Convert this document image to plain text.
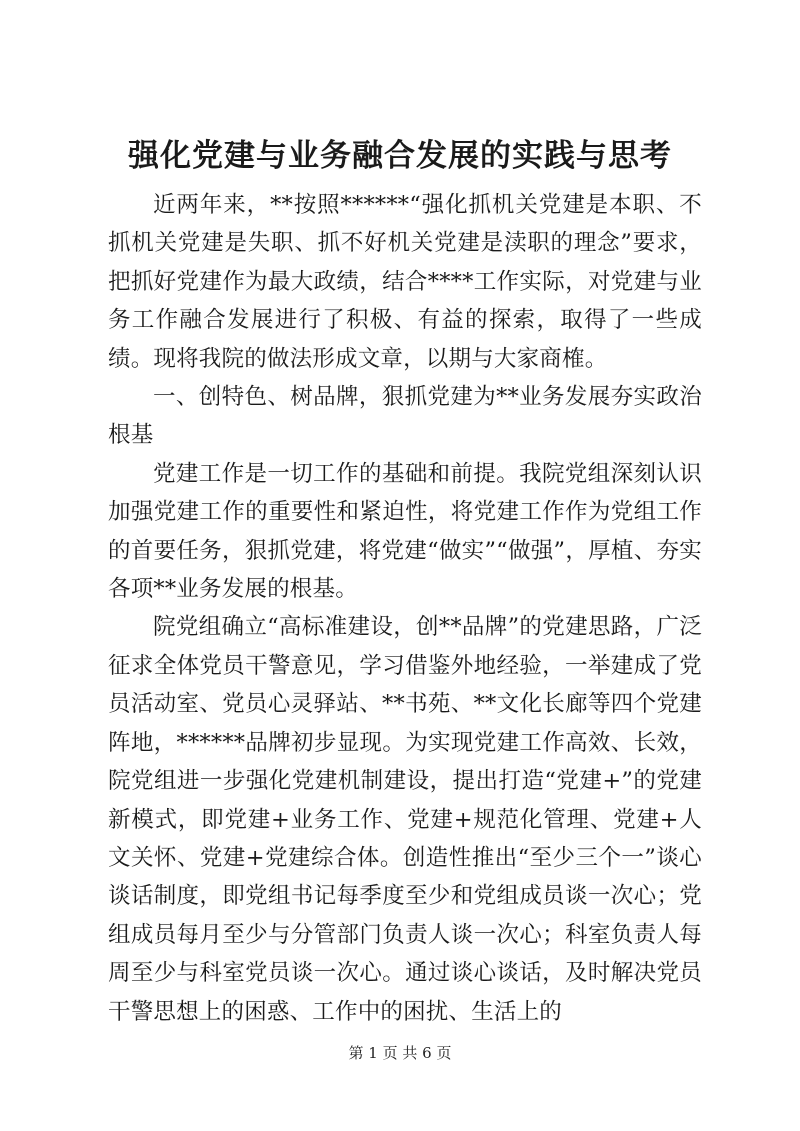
强化党建与业务融合发展的实践与思考

近两年来，**按照******“强化抓机关党建是本职、不抓机关党建是失职、抓不好机关党建是渎职的理念”要求，把抓好党建作为最大政绩，结合****工作实际，对党建与业务工作融合发展进行了积极、有益的探索，取得了一些成绩。现将我院的做法形成文章，以期与大家商榷。

一、创特色、树品牌，狠抓党建为**业务发展夯实政治根基

党建工作是一切工作的基础和前提。我院党组深刻认识加强党建工作的重要性和紧迫性，将党建工作作为党组工作的首要任务，狠抓党建，将党建“做实”“做强”，厚植、夯实各项**业务发展的根基。

院党组确立“高标准建设，创**品牌”的党建思路，广泛征求全体党员干警意见，学习借鉴外地经验，一举建成了党员活动室、党员心灵驿站、**书苑、**文化长廊等四个党建阵地，******品牌初步显现。为实现党建工作高效、长效，院党组进一步强化党建机制建设，提出打造“党建+”的党建新模式，即党建+业务工作、党建+规范化管理、党建+人文关怀、党建+党建综合体。创造性推出“至少三个一”谈心谈话制度，即党组书记每季度至少和党组成员谈一次心；党组成员每月至少与分管部门负责人谈一次心；科室负责人每周至少与科室党员谈一次心。通过谈心谈话，及时解决党员干警思想上的困惑、工作中的困扰、生活上的

第 1 页 共 6 页
